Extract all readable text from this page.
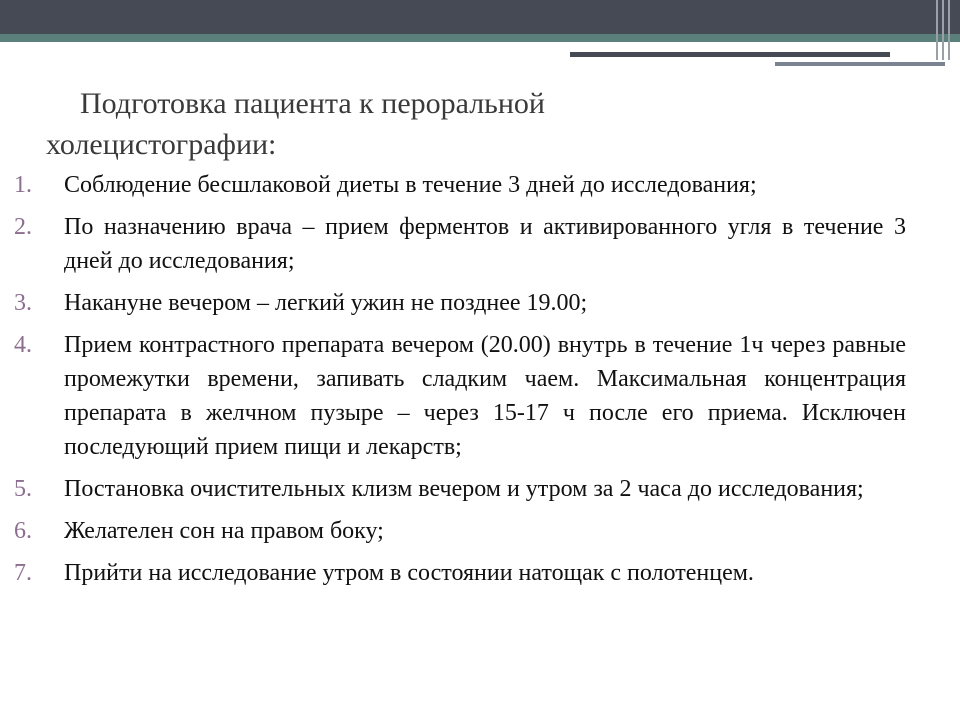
Подготовка пациента к пероральной
холецистографии:
1.	Соблюдение бесшлаковой диеты в течение 3 дней до исследования;
2.	По назначению врача – прием ферментов и активированного угля в течение 3 дней до исследования;
3.	Накануне вечером – легкий ужин не позднее 19.00;
4.	Прием контрастного препарата вечером (20.00) внутрь в течение 1ч через равные промежутки времени, запивать сладким чаем. Максимальная концентрация препарата в желчном пузыре – через 15-17 ч после его приема. Исключен последующий прием пищи и лекарств;
5.	Постановка очистительных клизм вечером и утром за 2 часа до исследования;
6.	Желателен сон на правом боку;
7.	Прийти на исследование утром в состоянии натощак с полотенцем.
